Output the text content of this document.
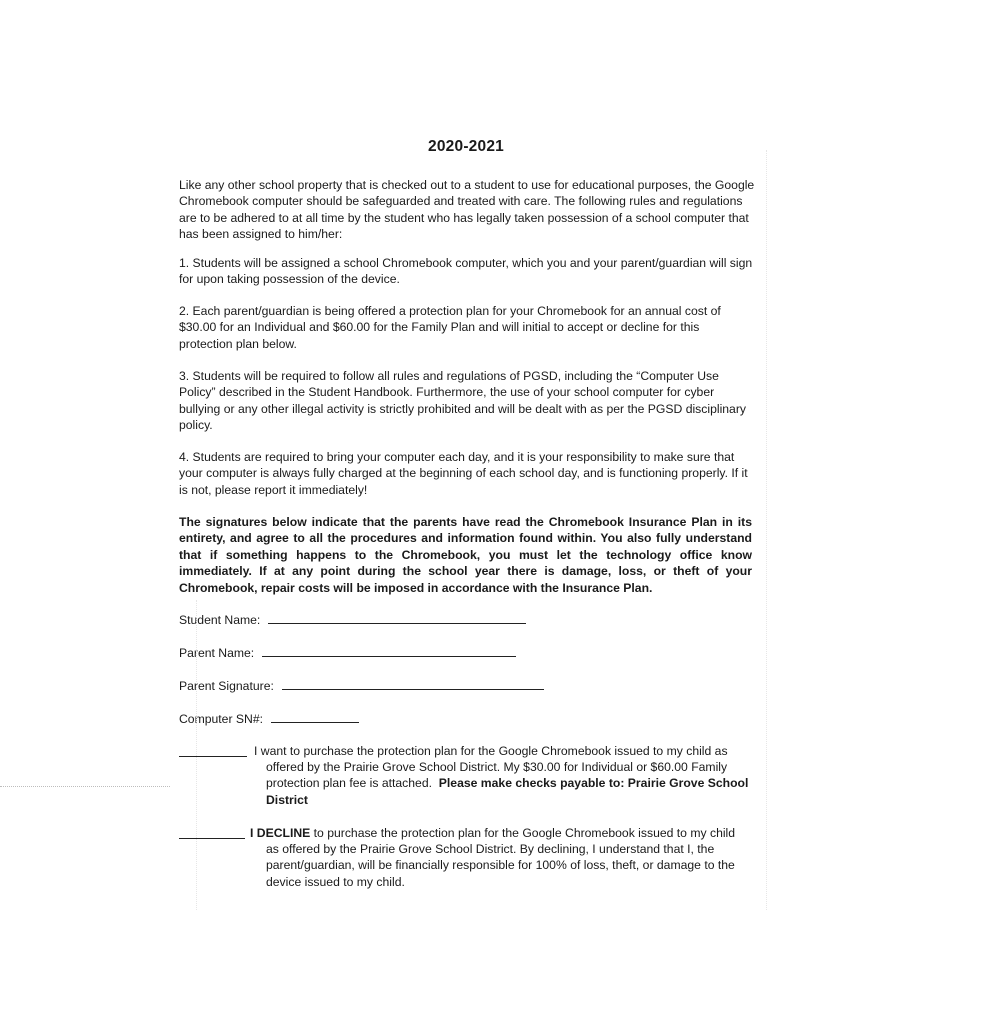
2020-2021

Like any other school property that is checked out to a student to use for educational purposes, the Google Chromebook computer should be safeguarded and treated with care. The following rules and regulations are to be adhered to at all time by the student who has legally taken possession of a school computer that has been assigned to him/her:

1. Students will be assigned a school Chromebook computer, which you and your parent/guardian will sign for upon taking possession of the device.

2. Each parent/guardian is being offered a protection plan for your Chromebook for an annual cost of $30.00 for an Individual and $60.00 for the Family Plan and will initial to accept or decline for this protection plan below.

3. Students will be required to follow all rules and regulations of PGSD, including the “Computer Use Policy” described in the Student Handbook. Furthermore, the use of your school computer for cyber bullying or any other illegal activity is strictly prohibited and will be dealt with as per the PGSD disciplinary policy.

4. Students are required to bring your computer each day, and it is your responsibility to make sure that your computer is always fully charged at the beginning of each school day, and is functioning properly. If it is not, please report it immediately!

The signatures below indicate that the parents have read the Chromebook Insurance Plan in its entirety, and agree to all the procedures and information found within. You also fully understand that if something happens to the Chromebook, you must let the technology office know immediately. If at any point during the school year there is damage, loss, or theft of your Chromebook, repair costs will be imposed in accordance with the Insurance Plan.

Student Name:
Parent Name:
Parent Signature:
Computer SN#:
I want to purchase the protection plan for the Google Chromebook issued to my child as
offered by the Prairie Grove School District. My $30.00 for Individual or $60.00 Family protection plan fee is attached. Please make checks payable to: Prairie Grove School District
I DECLINE to purchase the protection plan for the Google Chromebook issued to my child
as offered by the Prairie Grove School District. By declining, I understand that I, the parent/guardian, will be financially responsible for 100% of loss, theft, or damage to the device issued to my child.
